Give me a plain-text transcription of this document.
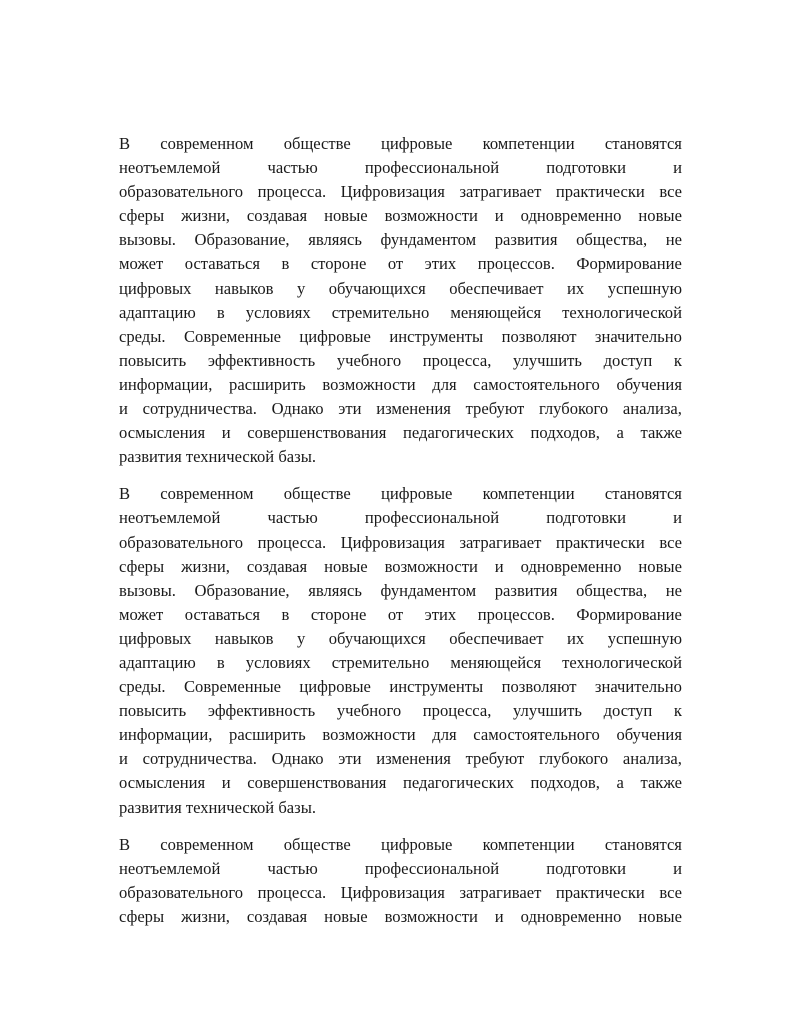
В современном обществе цифровые компетенции становятся
неотъемлемой	частью	профессиональной	подготовки	и
образовательного процесса. Цифровизация затрагивает практически все
сферы жизни, создавая новые возможности и одновременно новые
вызовы. Образование, являясь фундаментом развития общества, не
может оставаться в стороне от этих процессов. Формирование
цифровых навыков у обучающихся обеспечивает их успешную
адаптацию в условиях стремительно меняющейся технологической
среды. Современные цифровые инструменты позволяют значительно
повысить эффективность учебного процесса, улучшить доступ к
информации, расширить возможности для самостоятельного обучения
и сотрудничества. Однако эти изменения требуют глубокого анализа,
осмысления и совершенствования педагогических подходов, а также
развития технической базы.

В современном обществе цифровые компетенции становятся
неотъемлемой	частью	профессиональной	подготовки	и
образовательного процесса. Цифровизация затрагивает практически все
сферы жизни, создавая новые возможности и одновременно новые
вызовы. Образование, являясь фундаментом развития общества, не
может оставаться в стороне от этих процессов. Формирование
цифровых навыков у обучающихся обеспечивает их успешную
адаптацию в условиях стремительно меняющейся технологической
среды. Современные цифровые инструменты позволяют значительно
повысить эффективность учебного процесса, улучшить доступ к
информации, расширить возможности для самостоятельного обучения
и сотрудничества. Однако эти изменения требуют глубокого анализа,
осмысления и совершенствования педагогических подходов, а также
развития технической базы.

В современном обществе цифровые компетенции становятся
неотъемлемой	частью	профессиональной	подготовки	и
образовательного процесса. Цифровизация затрагивает практически все
сферы жизни, создавая новые возможности и одновременно новые
